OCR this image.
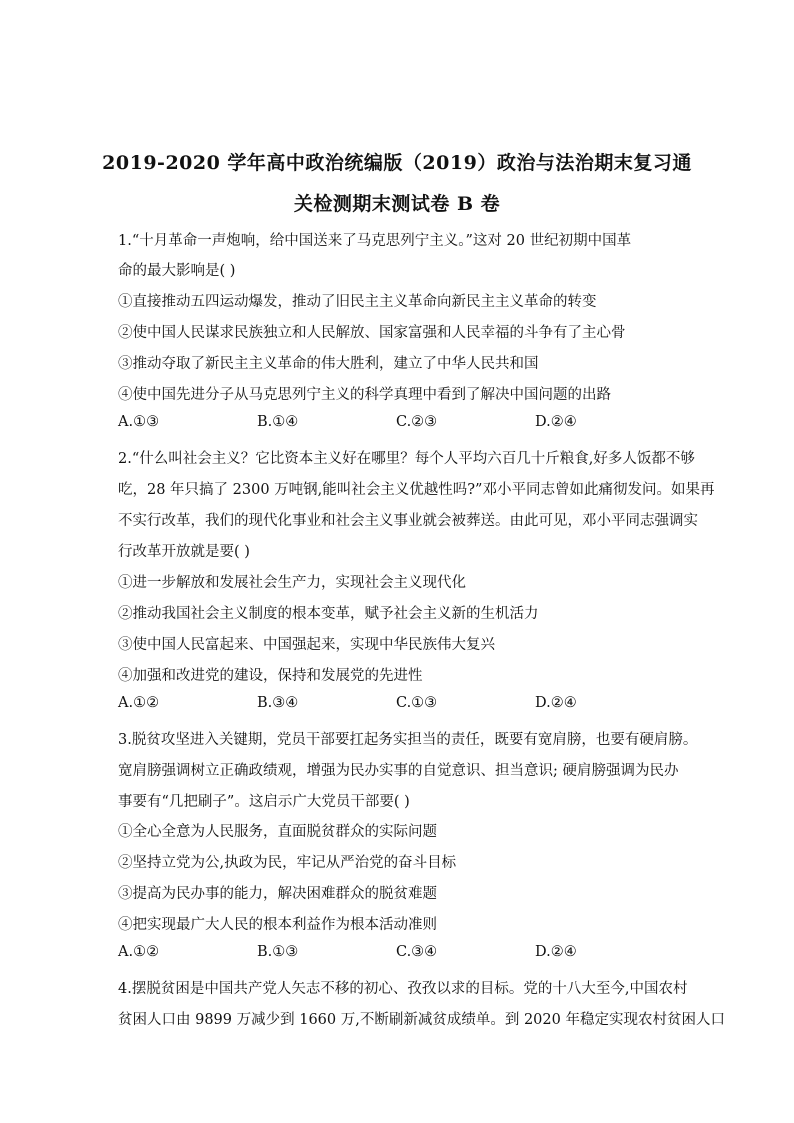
2019-2020 学年高中政治统编版（2019）政治与法治期末复习通
关检测期末测试卷 B 卷
1.“十月革命一声炮响，给中国送来了马克思列宁主义。”这对 20 世纪初期中国革
命的最大影响是( )
①直接推动五四运动爆发，推动了旧民主主义革命向新民主主义革命的转变
②使中国人民谋求民族独立和人民解放、国家富强和人民幸福的斗争有了主心骨
③推动夺取了新民主主义革命的伟大胜利，建立了中华人民共和国
④使中国先进分子从马克思列宁主义的科学真理中看到了解决中国问题的出路
A.①③	B.①④	C.②③	D.②④
2.“什么叫社会主义？它比资本主义好在哪里？每个人平均六百几十斤粮食,好多人饭都不够
吃，28 年只搞了 2300 万吨钢,能叫社会主义优越性吗?”邓小平同志曾如此痛彻发问。如果再
不实行改革，我们的现代化事业和社会主义事业就会被葬送。由此可见，邓小平同志强调实
行改革开放就是要( )
①进一步解放和发展社会生产力，实现社会主义现代化
②推动我国社会主义制度的根本变革，赋予社会主义新的生机活力
③使中国人民富起来、中国强起来，实现中华民族伟大复兴
④加强和改进党的建设，保持和发展党的先进性
A.①②	B.③④	C.①③	D.②④
3.脱贫攻坚进入关键期，党员干部要扛起务实担当的责任，既要有宽肩膀，也要有硬肩膀。
宽肩膀强调树立正确政绩观，增强为民办实事的自觉意识、担当意识; 硬肩膀强调为民办
事要有“几把刷子”。这启示广大党员干部要( )
①全心全意为人民服务，直面脱贫群众的实际问题
②坚持立党为公,执政为民，牢记从严治党的奋斗目标
③提高为民办事的能力，解决困难群众的脱贫难题
④把实现最广大人民的根本利益作为根本活动准则
A.①②	B.①③	C.③④	D.②④
4.摆脱贫困是中国共产党人矢志不移的初心、孜孜以求的目标。党的十八大至今,中国农村
贫困人口由 9899 万减少到 1660 万,不断刷新减贫成绩单。到 2020 年稳定实现农村贫困人口
